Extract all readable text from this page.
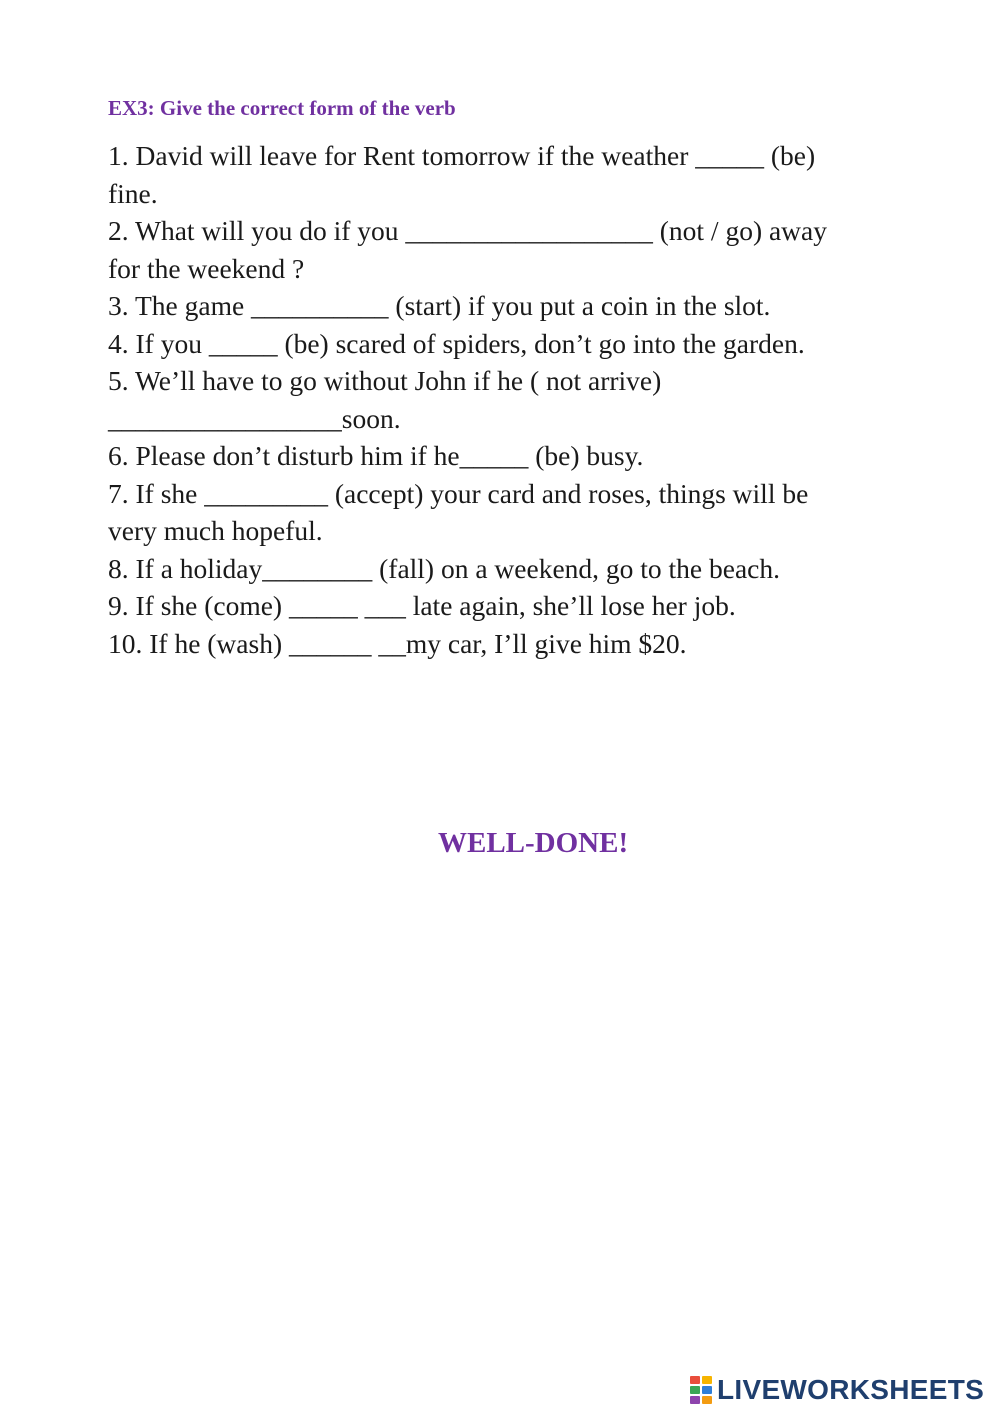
EX3: Give the correct form of the verb
1. David will leave for Rent tomorrow if the weather _____ (be)
fine.
2. What will you do if you __________________ (not / go) away
for the weekend ?
3. The game __________ (start) if you put a coin in the slot.
4. If you _____ (be) scared of spiders, don’t go into the garden.
5. We’ll have to go without John if he ( not arrive)
_________________soon.
6. Please don’t disturb him if he_____ (be) busy.
7. If she _________ (accept) your card and roses, things will be
very much hopeful.
8. If a holiday________ (fall) on a weekend, go to the beach.
9. If she (come) _____ ___ late again, she’ll lose her job.
10. If he (wash) ______ __my car, I’ll give him $20.
WELL-DONE!
LIVEWORKSHEETS
